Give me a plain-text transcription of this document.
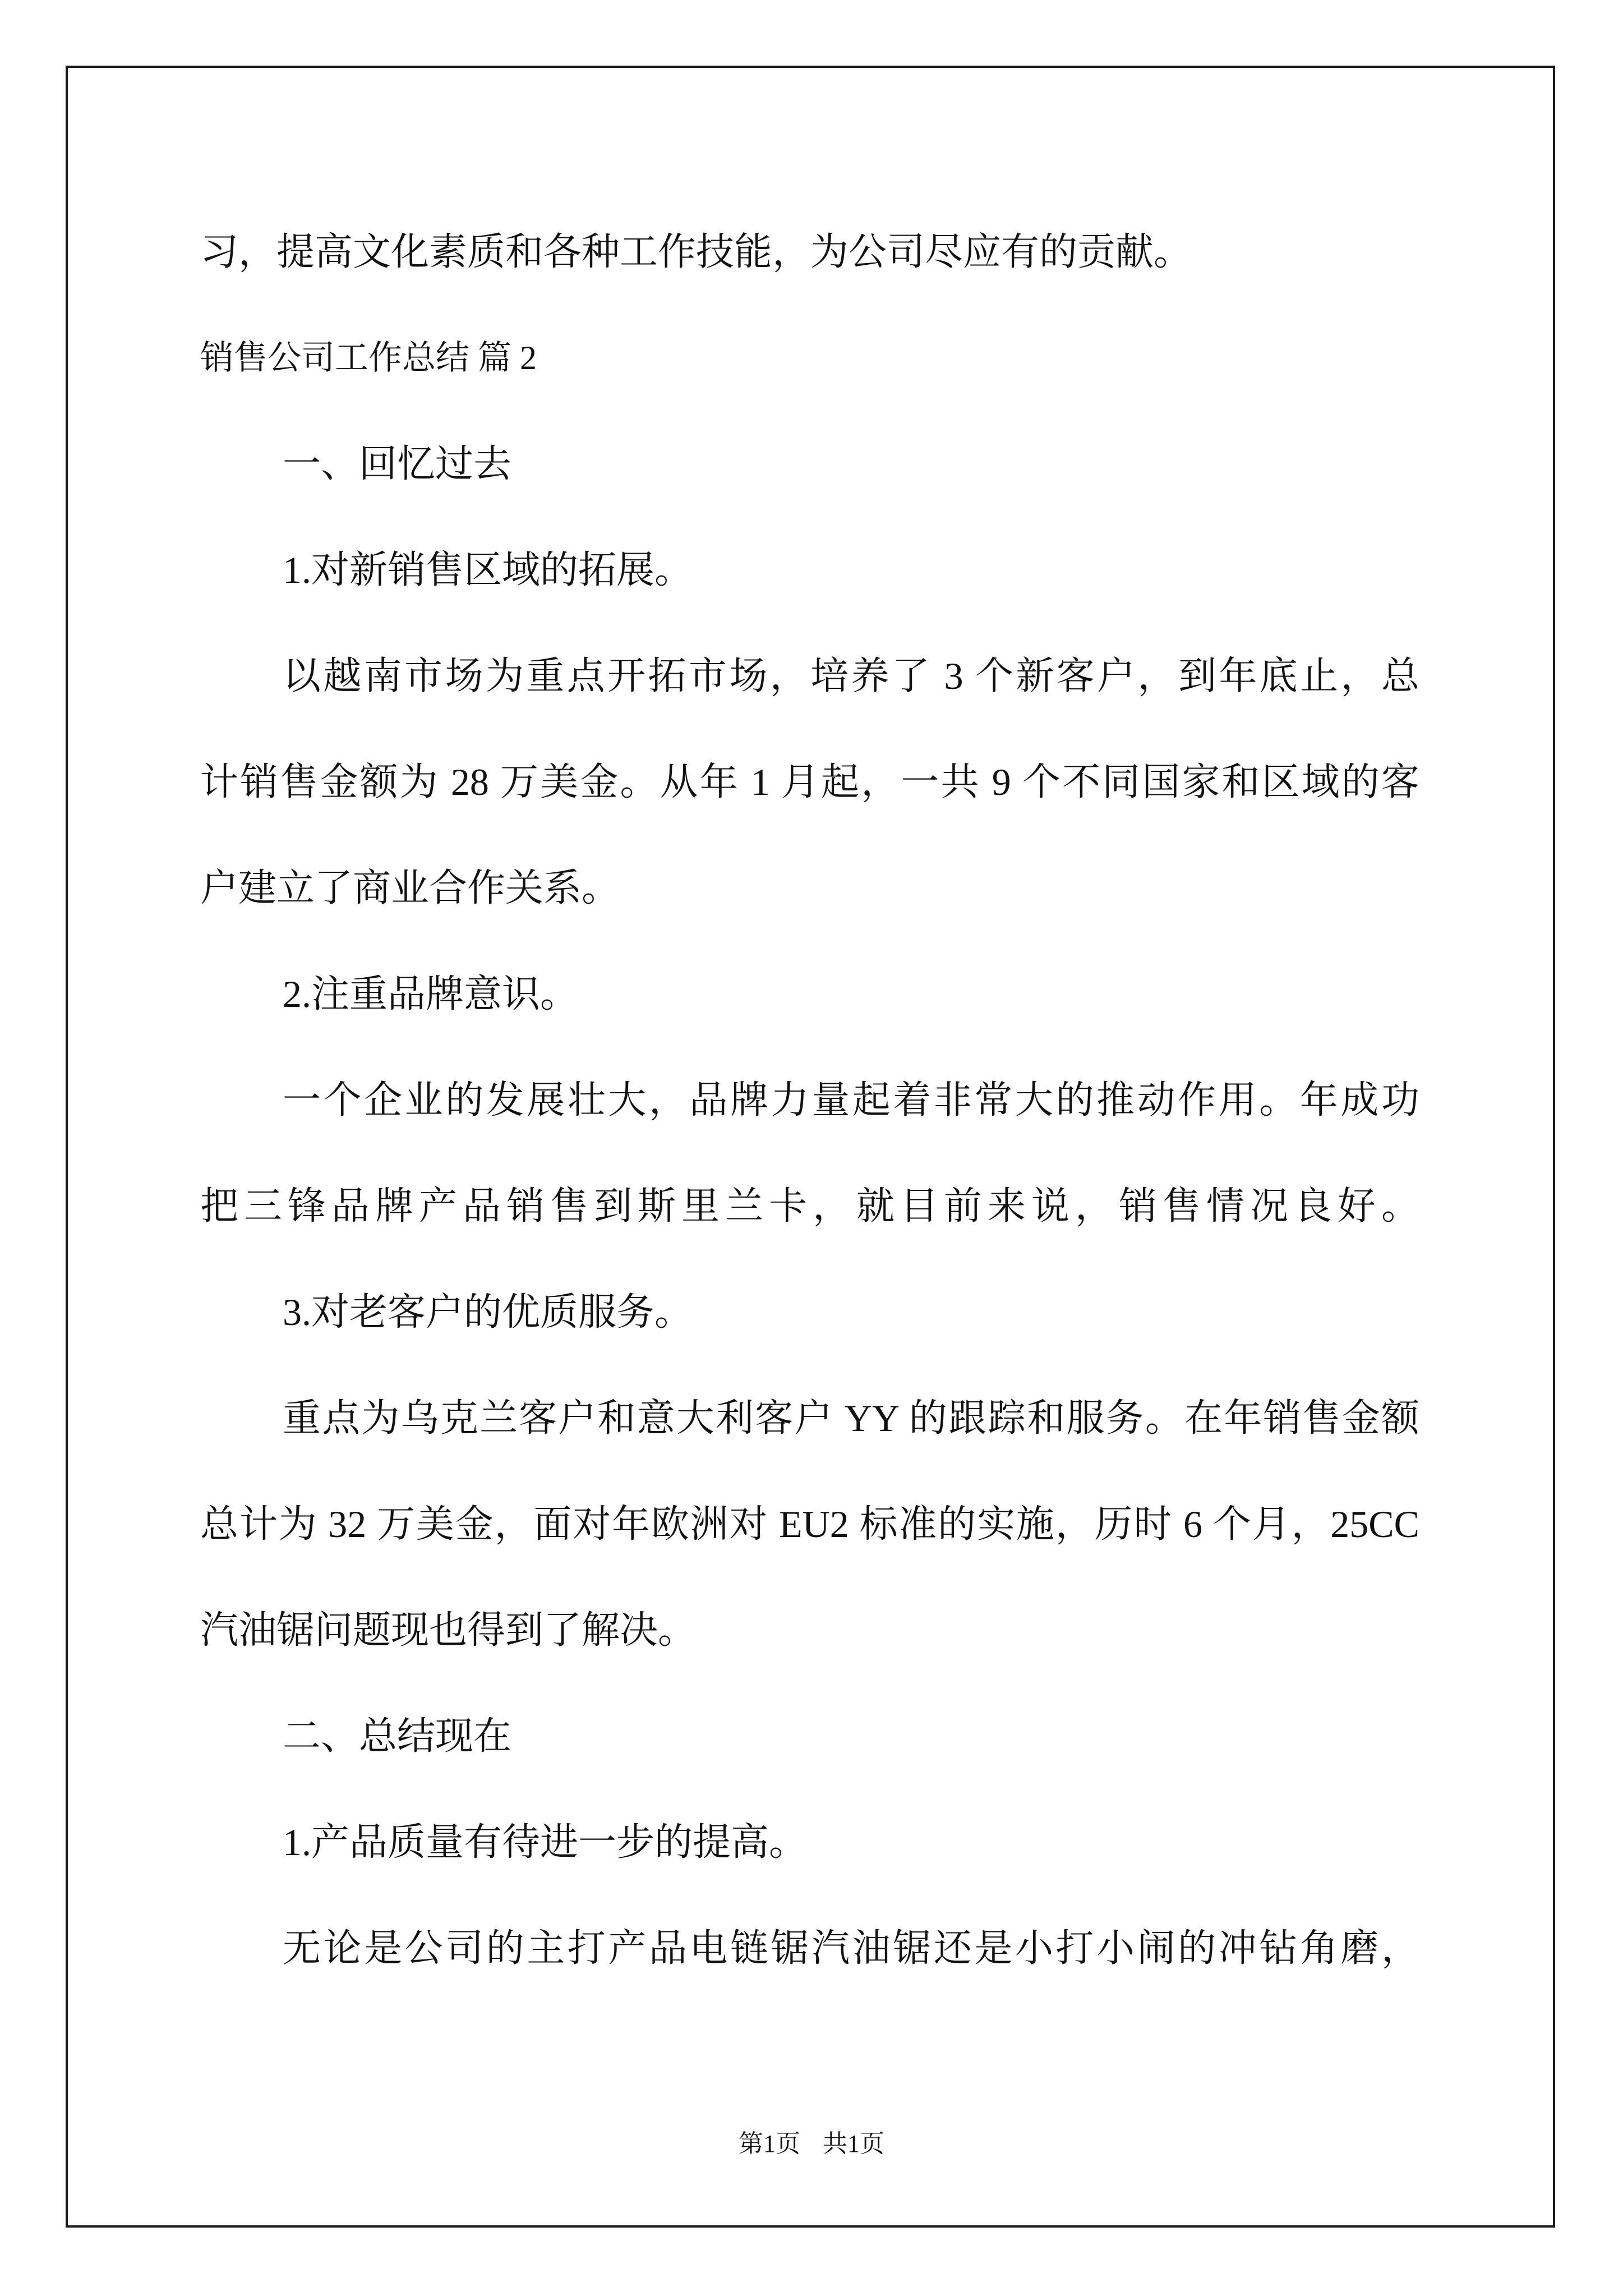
习，提高文化素质和各种工作技能，为公司尽应有的贡献。
销售公司工作总结 篇 2
一、回忆过去
1.对新销售区域的拓展。
以越南市场为重点开拓市场，培养了 3 个新客户，到年底止，总
计销售金额为 28 万美金。从年 1 月起，一共 9 个不同国家和区域的客
户建立了商业合作关系。
2.注重品牌意识。
一个企业的发展壮大，品牌力量起着非常大的推动作用。年成功
把三锋品牌产品销售到斯里兰卡，就目前来说，销售情况良好。
3.对老客户的优质服务。
重点为乌克兰客户和意大利客户 YY 的跟踪和服务。在年销售金额
总计为 32 万美金，面对年欧洲对 EU2 标准的实施，历时 6 个月，25CC
汽油锯问题现也得到了解决。
二、总结现在
1.产品质量有待进一步的提高。
无论是公司的主打产品电链锯汽油锯还是小打小闹的冲钻角磨，
第1页 共1页
